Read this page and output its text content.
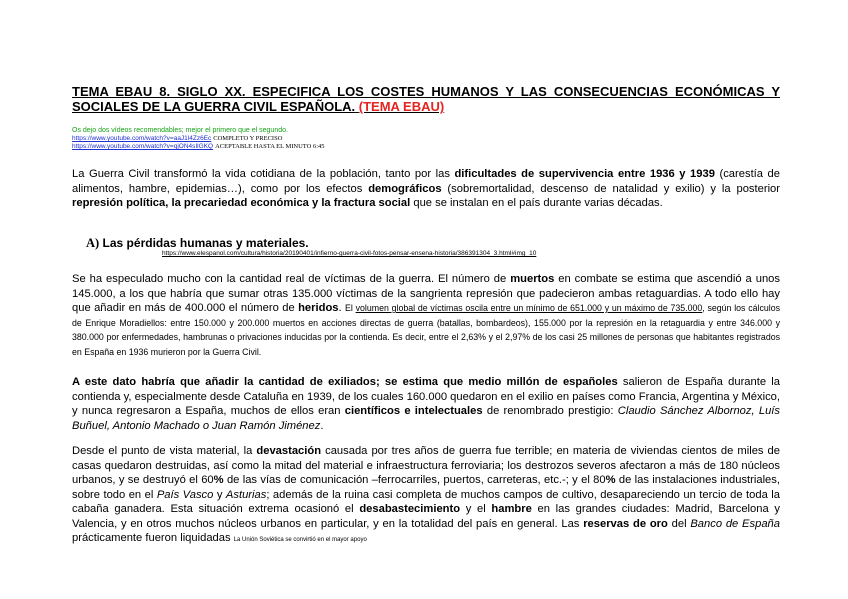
TEMA EBAU 8. SIGLO XX. ESPECIFICA LOS COSTES HUMANOS Y LAS CONSECUENCIAS ECONÓMICAS Y SOCIALES DE LA GUERRA CIVIL ESPAÑOLA. (TEMA EBAU)
Os dejo dos vídeos recomendables; mejor el primero que el segundo.
https://www.youtube.com/watch?v=aaJ1l4Zz6Ec COMPLETO Y PRECISO
https://www.youtube.com/watch?v=qjON4sIlGKQ ACEPTABLE HASTA EL MINUTO 6:45
La Guerra Civil transformó la vida cotidiana de la población, tanto por las dificultades de supervivencia entre 1936 y 1939 (carestía de alimentos, hambre, epidemias…), como por los efectos demográficos (sobremortalidad, descenso de natalidad y exilio) y la posterior represión política, la precariedad económica y la fractura social que se instalan en el país durante varias décadas.
A) Las pérdidas humanas y materiales.
https://www.elespanol.com/cultura/historia/20190401/infierno-guerra-civil-fotos-pensar-ensena-historia/386391304_3.html#img_10
Se ha especulado mucho con la cantidad real de víctimas de la guerra. El número de muertos en combate se estima que ascendió a unos 145.000, a los que habría que sumar otras 135.000 víctimas de la sangrienta represión que padecieron ambas retaguardias. A todo ello hay que añadir en más de 400.000 el número de heridos. El volumen global de víctimas oscila entre un mínimo de 651.000 y un máximo de 735.000, según los cálculos de Enrique Moradiellos: entre 150.000 y 200.000 muertos en acciones directas de guerra (batallas, bombardeos), 155.000 por la represión en la retaguardia y entre 346.000 y 380.000 por enfermedades, hambrunas o privaciones inducidas por la contienda. Es decir, entre el 2,63% y el 2,97% de los casi 25 millones de personas que habitantes registrados en España en 1936 murieron por la Guerra Civil.
A este dato habría que añadir la cantidad de exiliados; se estima que medio millón de españoles salieron de España durante la contienda y, especialmente desde Cataluña en 1939, de los cuales 160.000 quedaron en el exilio en países como Francia, Argentina y México, y nunca regresaron a España, muchos de ellos eran científicos e intelectuales de renombrado prestigio: Claudio Sánchez Albornoz, Luís Buñuel, Antonio Machado o Juan Ramón Jiménez.
Desde el punto de vista material, la devastación causada por tres años de guerra fue terrible; en materia de viviendas cientos de miles de casas quedaron destruidas, así como la mitad del material e infraestructura ferroviaria; los destrozos severos afectaron a más de 180 núcleos urbanos, y se destruyó el 60% de las vías de comunicación –ferrocarriles, puertos, carreteras, etc.-; y el 80% de las instalaciones industriales, sobre todo en el País Vasco y Asturias; además de la ruina casi completa de muchos campos de cultivo, desapareciendo un tercio de toda la cabaña ganadera. Esta situación extrema ocasionó el desabastecimiento y el hambre en las grandes ciudades: Madrid, Barcelona y Valencia, y en otros muchos núcleos urbanos en particular, y en la totalidad del país en general. Las reservas de oro del Banco de España prácticamente fueron liquidadas La Unión Soviética se convirtió en el mayor apoyo
